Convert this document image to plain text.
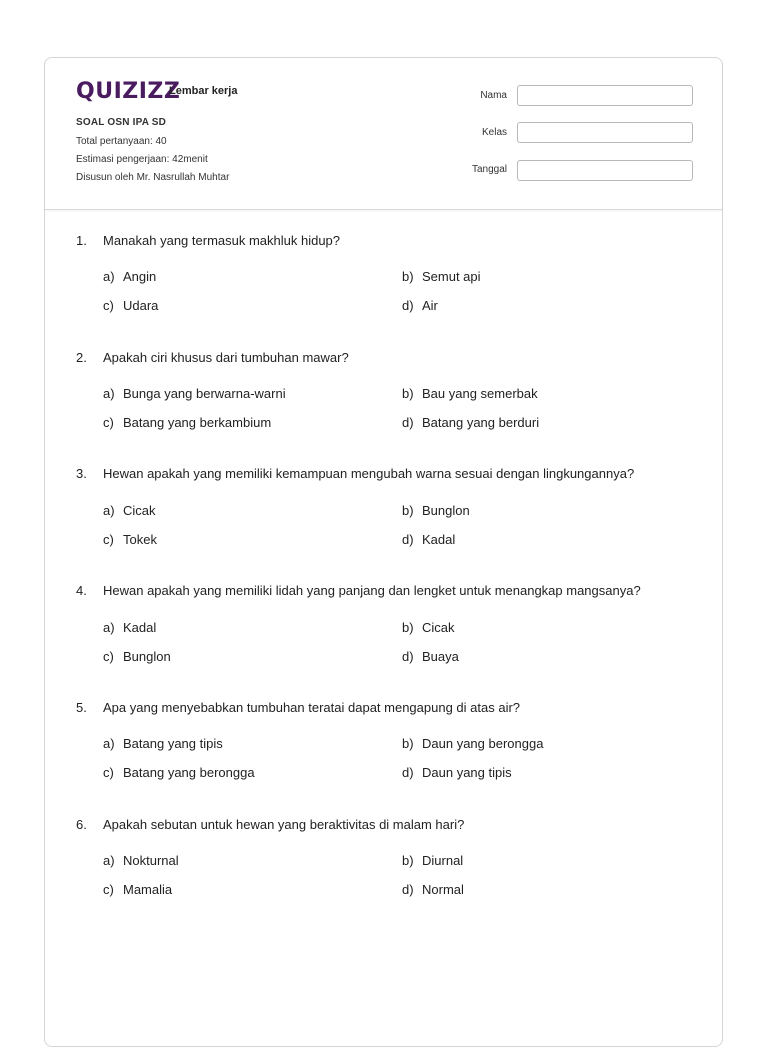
QUIZIZZ
Lembar kerja
SOAL OSN IPA SD
Total pertanyaan: 40
Estimasi pengerjaan: 42menit
Disusun oleh Mr. Nasrullah Muhtar
Nama
Kelas
Tanggal
1. Manakah yang termasuk makhluk hidup?
a) Angin	b) Semut api
c) Udara	d) Air
2. Apakah ciri khusus dari tumbuhan mawar?
a) Bunga yang berwarna-warni	b) Bau yang semerbak
c) Batang yang berkambium	d) Batang yang berduri
3. Hewan apakah yang memiliki kemampuan mengubah warna sesuai dengan lingkungannya?
a) Cicak	b) Bunglon
c) Tokek	d) Kadal
4. Hewan apakah yang memiliki lidah yang panjang dan lengket untuk menangkap mangsanya?
a) Kadal	b) Cicak
c) Bunglon	d) Buaya
5. Apa yang menyebabkan tumbuhan teratai dapat mengapung di atas air?
a) Batang yang tipis	b) Daun yang berongga
c) Batang yang berongga	d) Daun yang tipis
6. Apakah sebutan untuk hewan yang beraktivitas di malam hari?
a) Nokturnal	b) Diurnal
c) Mamalia	d) Normal
